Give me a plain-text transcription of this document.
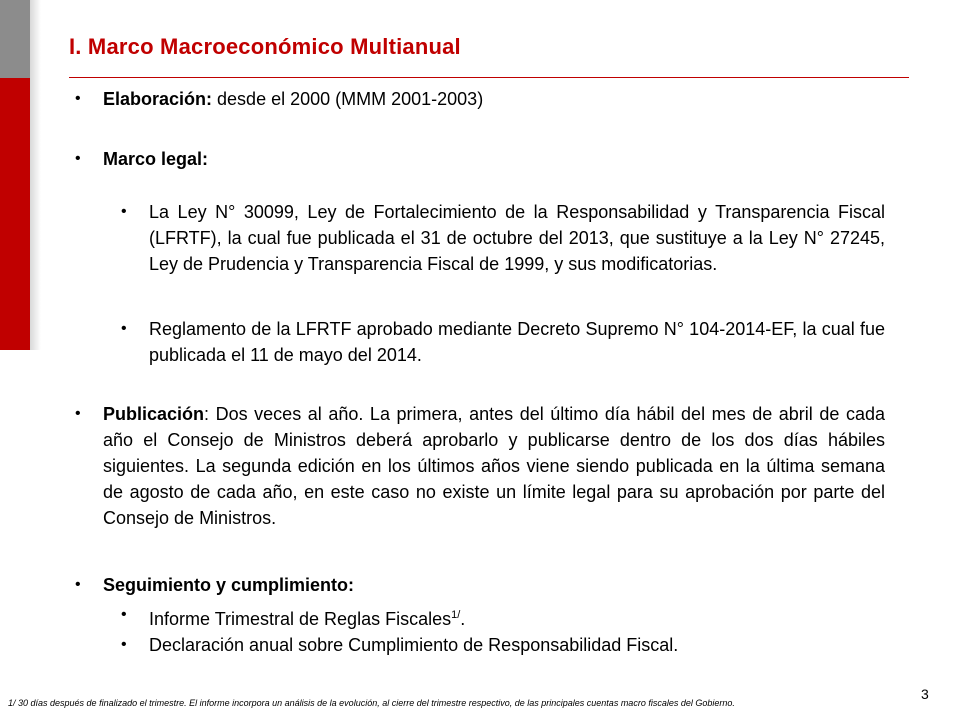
I. Marco Macroeconómico Multianual
• Elaboración: desde el 2000 (MMM 2001-2003)
• Marco legal:
• La Ley N° 30099, Ley de Fortalecimiento de la Responsabilidad y Transparencia Fiscal (LFRTF), la cual fue publicada el 31 de octubre del 2013, que sustituye a la Ley N° 27245, Ley de Prudencia y Transparencia Fiscal de 1999, y sus modificatorias.
• Reglamento de la LFRTF aprobado mediante Decreto Supremo N° 104-2014-EF, la cual fue publicada el 11 de mayo del 2014.
• Publicación: Dos veces al año. La primera, antes del último día hábil del mes de abril de cada año el Consejo de Ministros deberá aprobarlo y publicarse dentro de los dos días hábiles siguientes. La segunda edición en los últimos años viene siendo publicada en la última semana de agosto de cada año, en este caso no existe un límite legal para su aprobación por parte del Consejo de Ministros.
• Seguimiento y cumplimiento:
• Informe Trimestral de Reglas Fiscales$^{1/}$.
• Declaración anual sobre Cumplimiento de Responsabilidad Fiscal.
1/ 30 días después de finalizado el trimestre. El informe incorpora un análisis de la evolución, al cierre del trimestre respectivo, de las principales cuentas macro fiscales del Gobierno.
3
